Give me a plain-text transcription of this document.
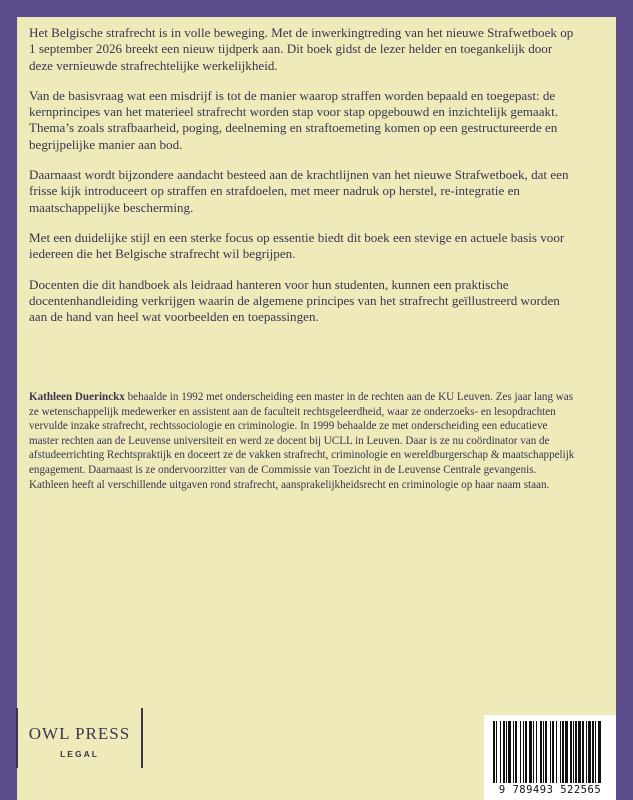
Het Belgische strafrecht is in volle beweging. Met de inwerkingtreding van het nieuwe Strafwetboek op 1 september 2026 breekt een nieuw tijdperk aan. Dit boek gidst de lezer helder en toegankelijk door deze vernieuwde strafrechtelijke werkelijkheid.

Van de basisvraag wat een misdrijf is tot de manier waarop straffen worden bepaald en toegepast: de kernprincipes van het materieel strafrecht worden stap voor stap opgebouwd en inzichtelijk gemaakt. Thema’s zoals strafbaarheid, poging, deelneming en straftoemeting komen op een gestructureerde en begrijpelijke manier aan bod.

Daarnaast wordt bijzondere aandacht besteed aan de krachtlijnen van het nieuwe Strafwetboek, dat een frisse kijk introduceert op straffen en strafdoelen, met meer nadruk op herstel, re-integratie en maatschappelijke bescherming.

Met een duidelijke stijl en een sterke focus op essentie biedt dit boek een stevige en actuele basis voor iedereen die het Belgische strafrecht wil begrijpen.

Docenten die dit handboek als leidraad hanteren voor hun studenten, kunnen een praktische docentenhandleiding verkrijgen waarin de algemene principes van het strafrecht geïllustreerd worden aan de hand van heel wat voorbeelden en toepassingen.

Kathleen Duerinckx behaalde in 1992 met onderscheiding een master in de rechten aan de KU Leuven. Zes jaar lang was ze wetenschappelijk medewerker en assistent aan de faculteit rechtsgeleerdheid, waar ze onderzoeks- en lesopdrachten vervulde inzake strafrecht, rechtssociologie en criminologie. In 1999 behaalde ze met onderscheiding een educatieve master rechten aan de Leuvense universiteit en werd ze docent bij UCLL in Leuven. Daar is ze nu coördinator van de afstudeerrichting Rechtspraktijk en doceert ze de vakken strafrecht, criminologie en wereldburgerschap & maatschappelijk engagement. Daarnaast is ze ondervoorzitter van de Commissie van Toezicht in de Leuvense Centrale gevangenis. Kathleen heeft al verschillende uitgaven rond strafrecht, aansprakelijkheidsrecht en criminologie op haar naam staan.
OWL PRESS
LEGAL
9 789493 522565
